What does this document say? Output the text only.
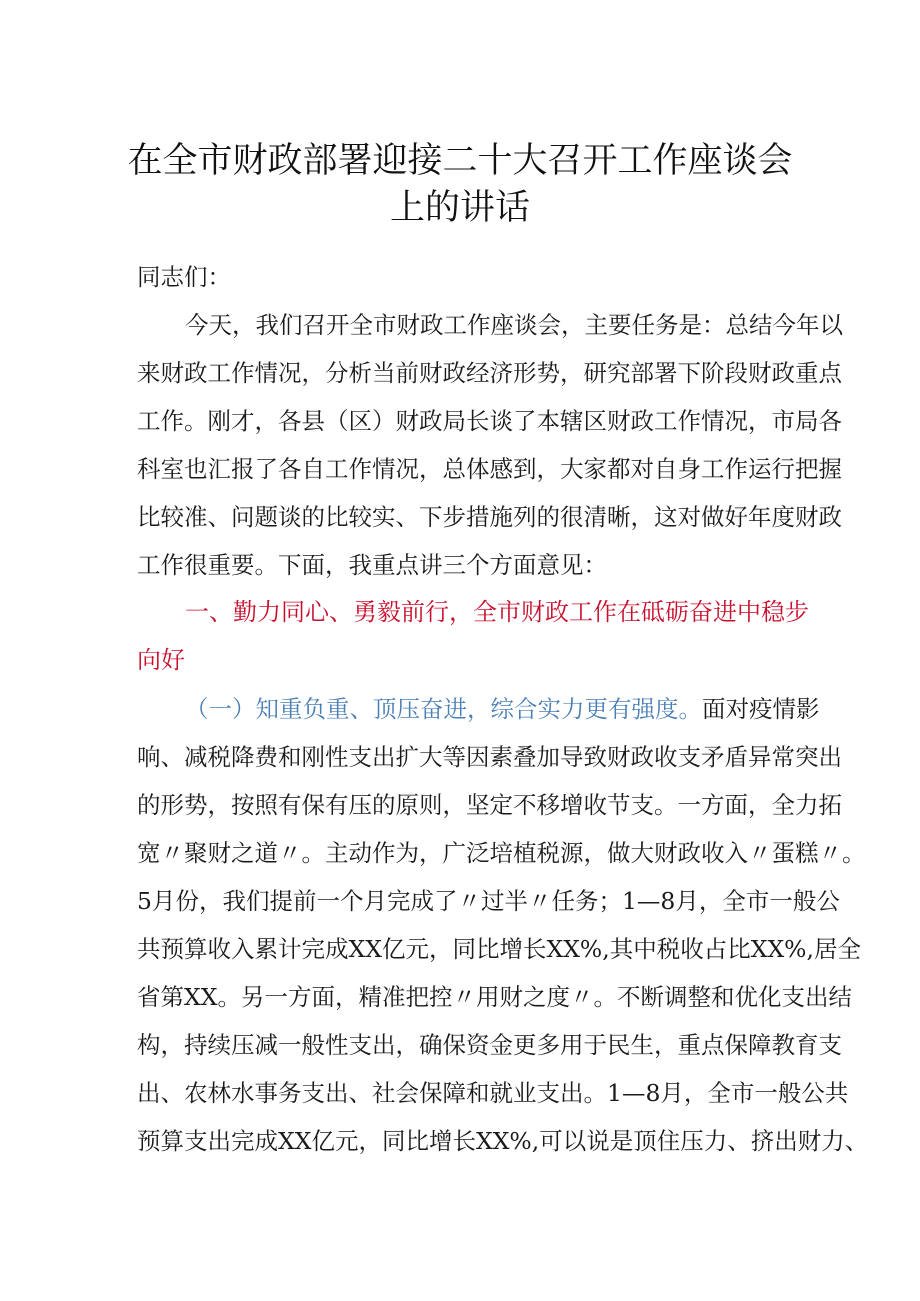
在全市财政部署迎接二十大召开工作座谈会
上的讲话
同志们：
今天，我们召开全市财政工作座谈会，主要任务是：总结今年以
来财政工作情况，分析当前财政经济形势，研究部署下阶段财政重点
工作。刚才，各县（区）财政局长谈了本辖区财政工作情况，市局各
科室也汇报了各自工作情况，总体感到，大家都对自身工作运行把握
比较准、问题谈的比较实、下步措施列的很清晰，这对做好年度财政
工作很重要。下面，我重点讲三个方面意见：
一、勤力同心、勇毅前行，全市财政工作在砥砺奋进中稳步
向好
（一）知重负重、顶压奋进，综合实力更有强度。面对疫情影
响、减税降费和刚性支出扩大等因素叠加导致财政收支矛盾异常突出
的形势，按照有保有压的原则，坚定不移增收节支。一方面，全力拓
宽〃聚财之道〃。主动作为，广泛培植税源，做大财政收入〃蛋糕〃。
5月份，我们提前一个月完成了〃过半〃任务；1—8月，全市一般公
共预算收入累计完成XX亿元，同比增长XX%,其中税收占比XX%,居全
省第XX。另一方面，精准把控〃用财之度〃。不断调整和优化支出结
构，持续压减一般性支出，确保资金更多用于民生，重点保障教育支
出、农林水事务支出、社会保障和就业支出。1—8月，全市一般公共
预算支出完成XX亿元，同比增长XX%,可以说是顶住压力、挤出财力、
